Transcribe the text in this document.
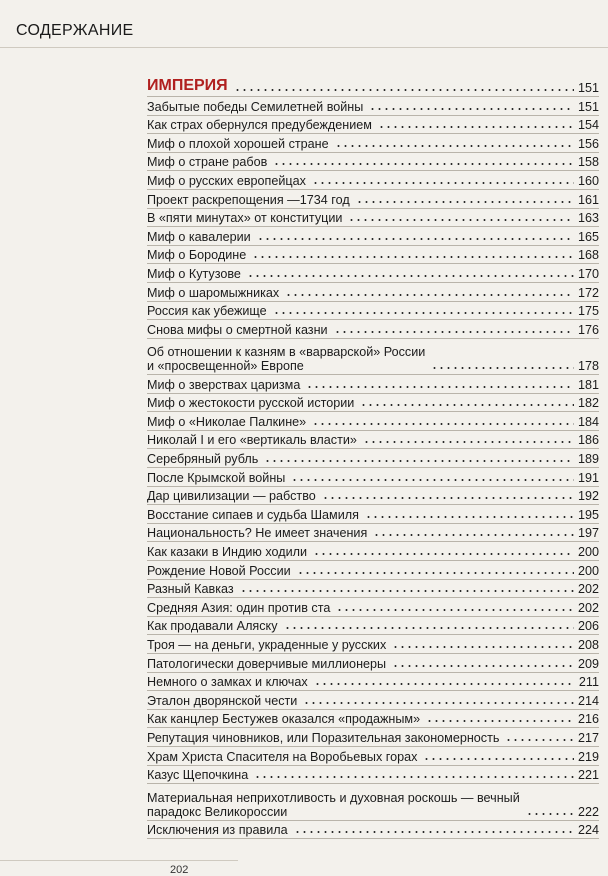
СОДЕРЖАНИЕ
ИМПЕРИЯ	151
Забытые победы Семилетней войны	151
Как страх обернулся предубеждением	154
Миф о плохой хорошей стране	156
Миф о стране рабов	158
Миф о русских европейцах	160
Проект раскрепощения —1734 год	161
В «пяти минутах» от конституции	163
Миф о кавалерии	165
Миф о Бородине	168
Миф о Кутузове	170
Миф о шаромыжниках	172
Россия как убежище	175
Снова мифы о смертной казни	176
Об отношении к казням в «варварской» России
и «просвещенной» Европе	178
Миф о зверствах царизма	181
Миф о жестокости русской истории	182
Миф о «Николае Палкине»	184
Николай I и его «вертикаль власти»	186
Серебряный рубль	189
После Крымской войны	191
Дар цивилизации — рабство	192
Восстание сипаев и судьба Шамиля	195
Национальность? Не имеет значения	197
Как казаки в Индию ходили	200
Рождение Новой России	200
Разный Кавказ	202
Средняя Азия: один против ста	202
Как продавали Аляску	206
Троя — на деньги, украденные у русских	208
Патологически доверчивые миллионеры	209
Немного о замках и ключах	211
Эталон дворянской чести	214
Как канцлер Бестужев оказался «продажным»	216
Репутация чиновников, или Поразительная закономерность	217
Храм Христа Спасителя на Воробьевых горах	219
Казус Щепочкина	221
Материальная неприхотливость и духовная роскошь — вечный
парадокс Великороссии	222
Исключения из правила	224
202
